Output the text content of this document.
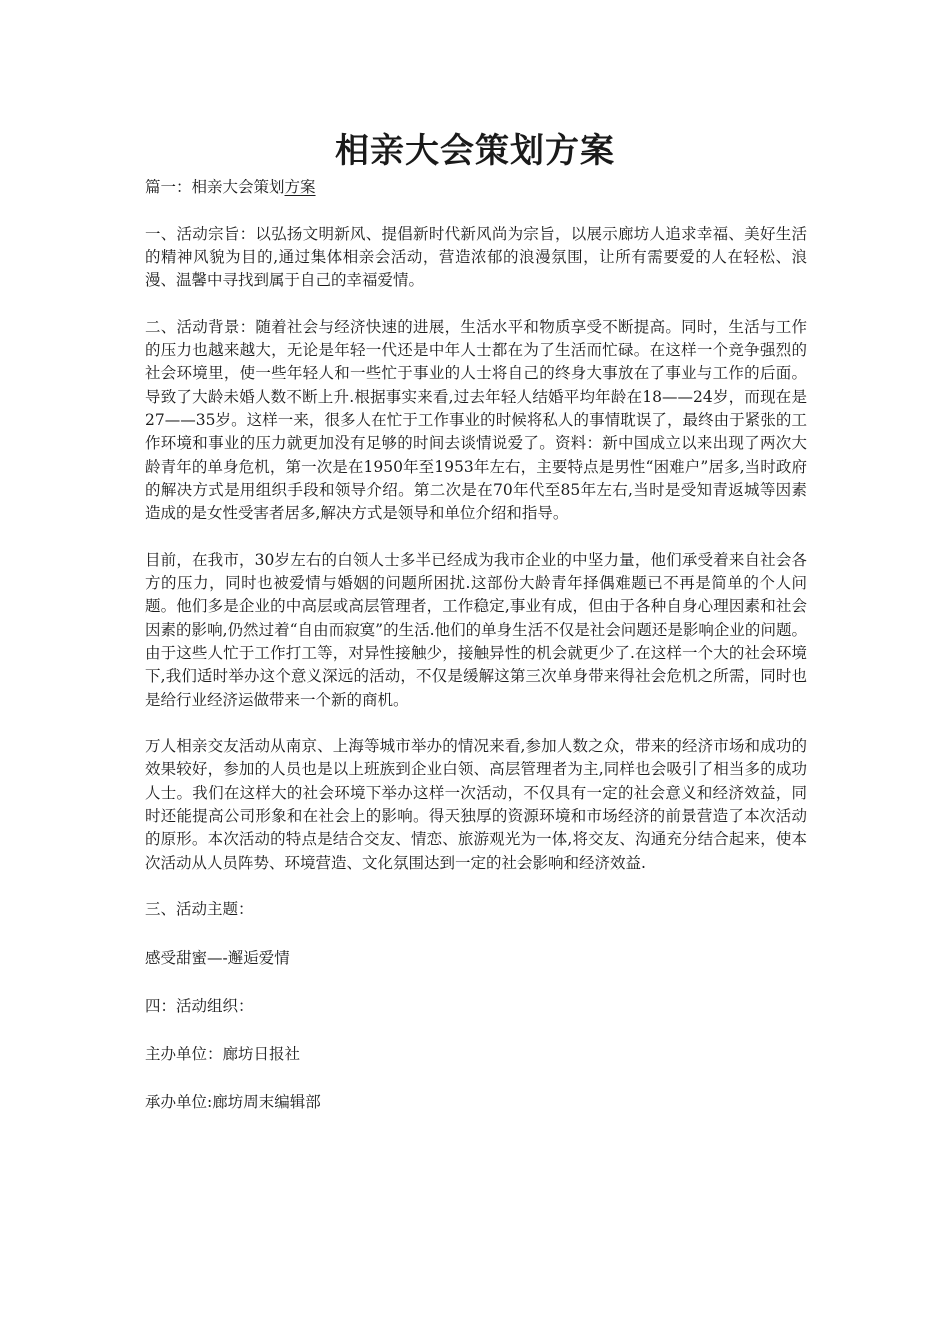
相亲大会策划方案

篇一：相亲大会策划方案

一、活动宗旨：以弘扬文明新风、提倡新时代新风尚为宗旨，以展示廊坊人追求幸福、美好生活的精神风貌为目的,通过集体相亲会活动，营造浓郁的浪漫氛围，让所有需要爱的人在轻松、浪漫、温馨中寻找到属于自己的幸福爱情。

二、活动背景：随着社会与经济快速的进展，生活水平和物质享受不断提高。同时，生活与工作的压力也越来越大，无论是年轻一代还是中年人士都在为了生活而忙碌。在这样一个竞争强烈的社会环境里，使一些年轻人和一些忙于事业的人士将自己的终身大事放在了事业与工作的后面。导致了大龄未婚人数不断上升.根据事实来看,过去年轻人结婚平均年龄在18——24岁，而现在是27——35岁。这样一来，很多人在忙于工作事业的时候将私人的事情耽误了，最终由于紧张的工作环境和事业的压力就更加没有足够的时间去谈情说爱了。资料：新中国成立以来出现了两次大龄青年的单身危机，第一次是在1950年至1953年左右，主要特点是男性“困难户”居多,当时政府的解决方式是用组织手段和领导介绍。第二次是在70年代至85年左右,当时是受知青返城等因素造成的是女性受害者居多,解决方式是领导和单位介绍和指导。

目前，在我市，30岁左右的白领人士多半已经成为我市企业的中坚力量，他们承受着来自社会各方的压力，同时也被爱情与婚姻的问题所困扰.这部份大龄青年择偶难题已不再是简单的个人问题。他们多是企业的中高层或高层管理者，工作稳定,事业有成，但由于各种自身心理因素和社会因素的影响,仍然过着“自由而寂寞”的生活.他们的单身生活不仅是社会问题还是影响企业的问题。由于这些人忙于工作打工等，对异性接触少，接触异性的机会就更少了.在这样一个大的社会环境下,我们适时举办这个意义深远的活动，不仅是缓解这第三次单身带来得社会危机之所需，同时也是给行业经济运做带来一个新的商机。

万人相亲交友活动从南京、上海等城市举办的情况来看,参加人数之众，带来的经济市场和成功的效果较好，参加的人员也是以上班族到企业白领、高层管理者为主,同样也会吸引了相当多的成功人士。我们在这样大的社会环境下举办这样一次活动，不仅具有一定的社会意义和经济效益，同时还能提高公司形象和在社会上的影响。得天独厚的资源环境和市场经济的前景营造了本次活动的原形。本次活动的特点是结合交友、情恋、旅游观光为一体,将交友、沟通充分结合起来，使本次活动从人员阵势、环境营造、文化氛围达到一定的社会影响和经济效益.

三、活动主题：

感受甜蜜—-邂逅爱情

四：活动组织：

主办单位：廊坊日报社

承办单位:廊坊周末编辑部
